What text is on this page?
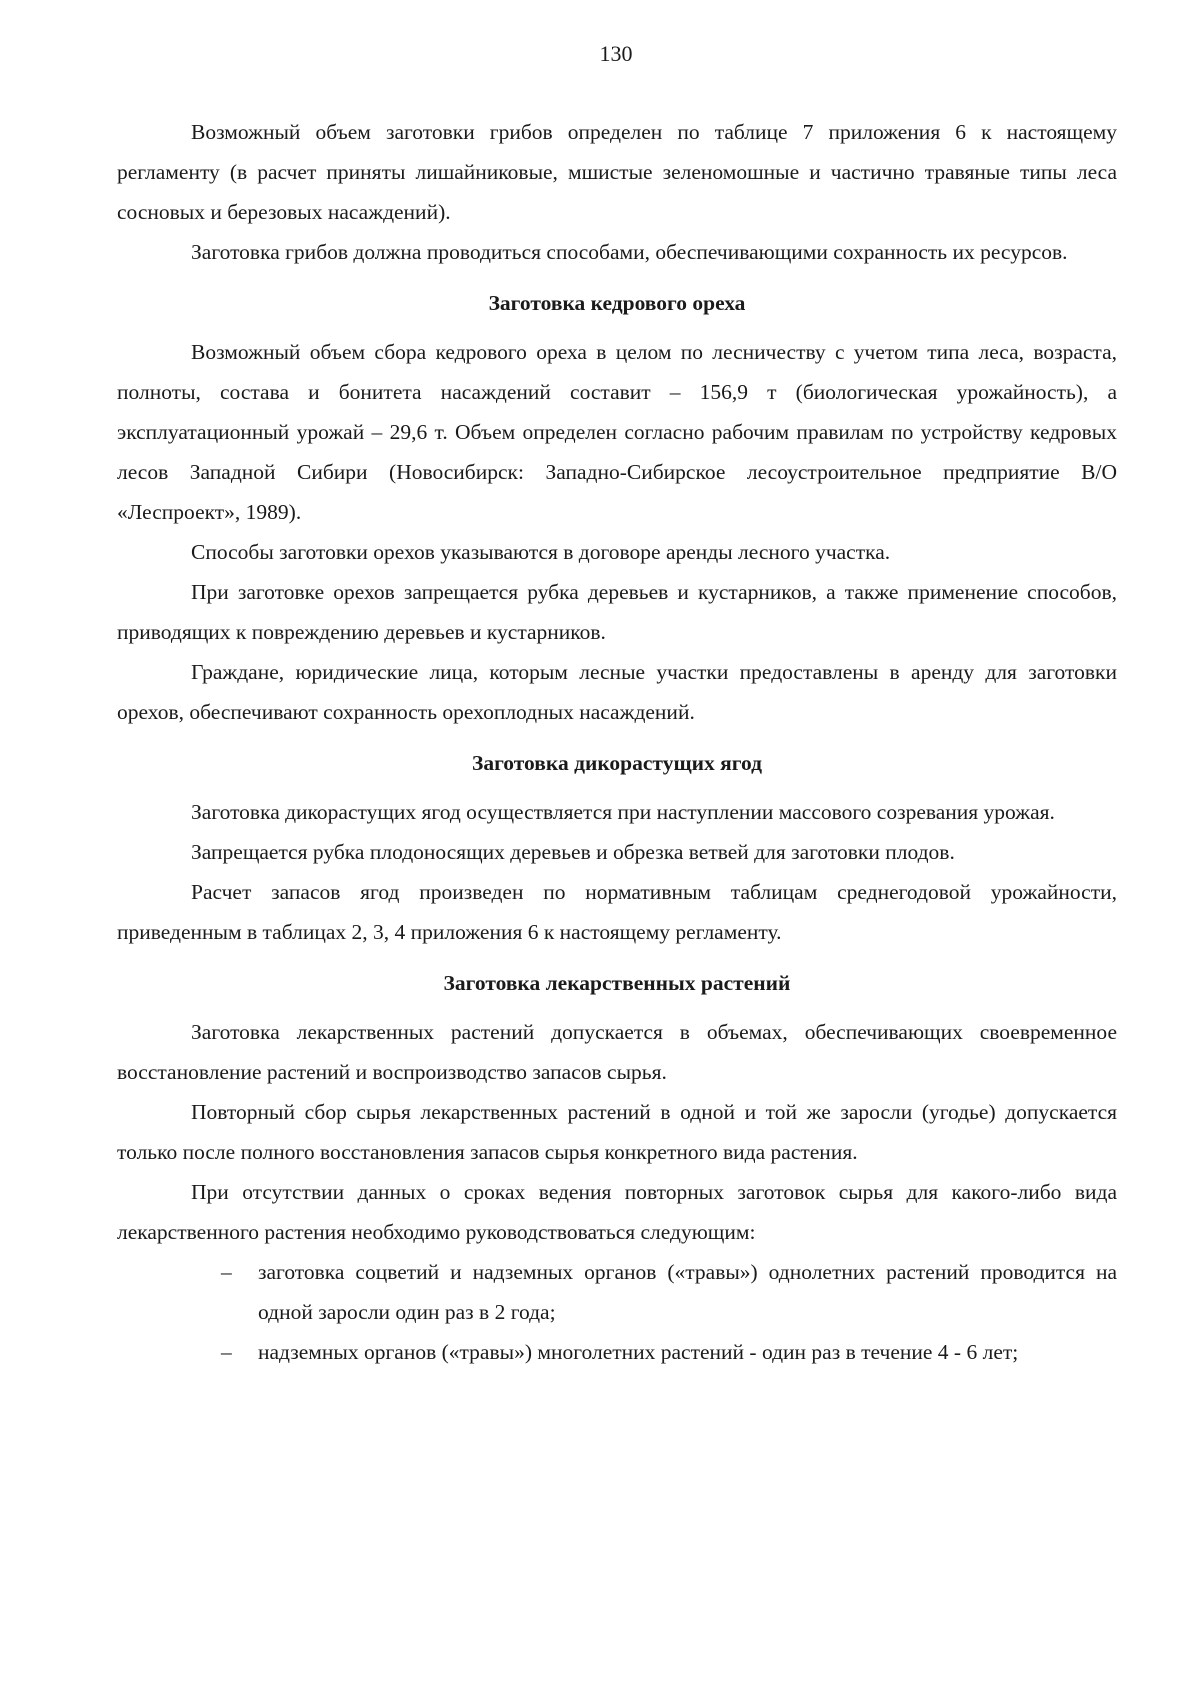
130

Возможный объем заготовки грибов определен по таблице 7 приложения 6 к настоящему регламенту (в расчет приняты лишайниковые, мшистые зеленомошные и частично травяные типы леса сосновых и березовых насаждений).

Заготовка грибов должна проводиться способами, обеспечивающими сохранность их ресурсов.

Заготовка кедрового ореха

Возможный объем сбора кедрового ореха в целом по лесничеству с учетом типа леса, возраста, полноты, состава и бонитета насаждений составит – 156,9 т (биологическая урожайность), а эксплуатационный урожай – 29,6 т. Объем определен согласно рабочим правилам по устройству кедровых лесов Западной Сибири (Новосибирск: Западно-Сибирское лесоустроительное предприятие В/О «Леспроект», 1989).

Способы заготовки орехов указываются в договоре аренды лесного участка.

При заготовке орехов запрещается рубка деревьев и кустарников, а также применение способов, приводящих к повреждению деревьев и кустарников.

Граждане, юридические лица, которым лесные участки предоставлены в аренду для заготовки орехов, обеспечивают сохранность орехоплодных насаждений.

Заготовка дикорастущих ягод

Заготовка дикорастущих ягод осуществляется при наступлении массового созревания урожая.

Запрещается рубка плодоносящих деревьев и обрезка ветвей для заготовки плодов.

Расчет запасов ягод произведен по нормативным таблицам среднегодовой урожайности, приведенным в таблицах 2, 3, 4 приложения 6 к настоящему регламенту.

Заготовка лекарственных растений

Заготовка лекарственных растений допускается в объемах, обеспечивающих своевременное восстановление растений и воспроизводство запасов сырья.

Повторный сбор сырья лекарственных растений в одной и той же заросли (угодье) допускается только после полного восстановления запасов сырья конкретного вида растения.

При отсутствии данных о сроках ведения повторных заготовок сырья для какого-либо вида лекарственного растения необходимо руководствоваться следующим:

– заготовка соцветий и надземных органов («травы») однолетних растений проводится на одной заросли один раз в 2 года;
– надземных органов («травы») многолетних растений - один раз в течение 4 - 6 лет;
